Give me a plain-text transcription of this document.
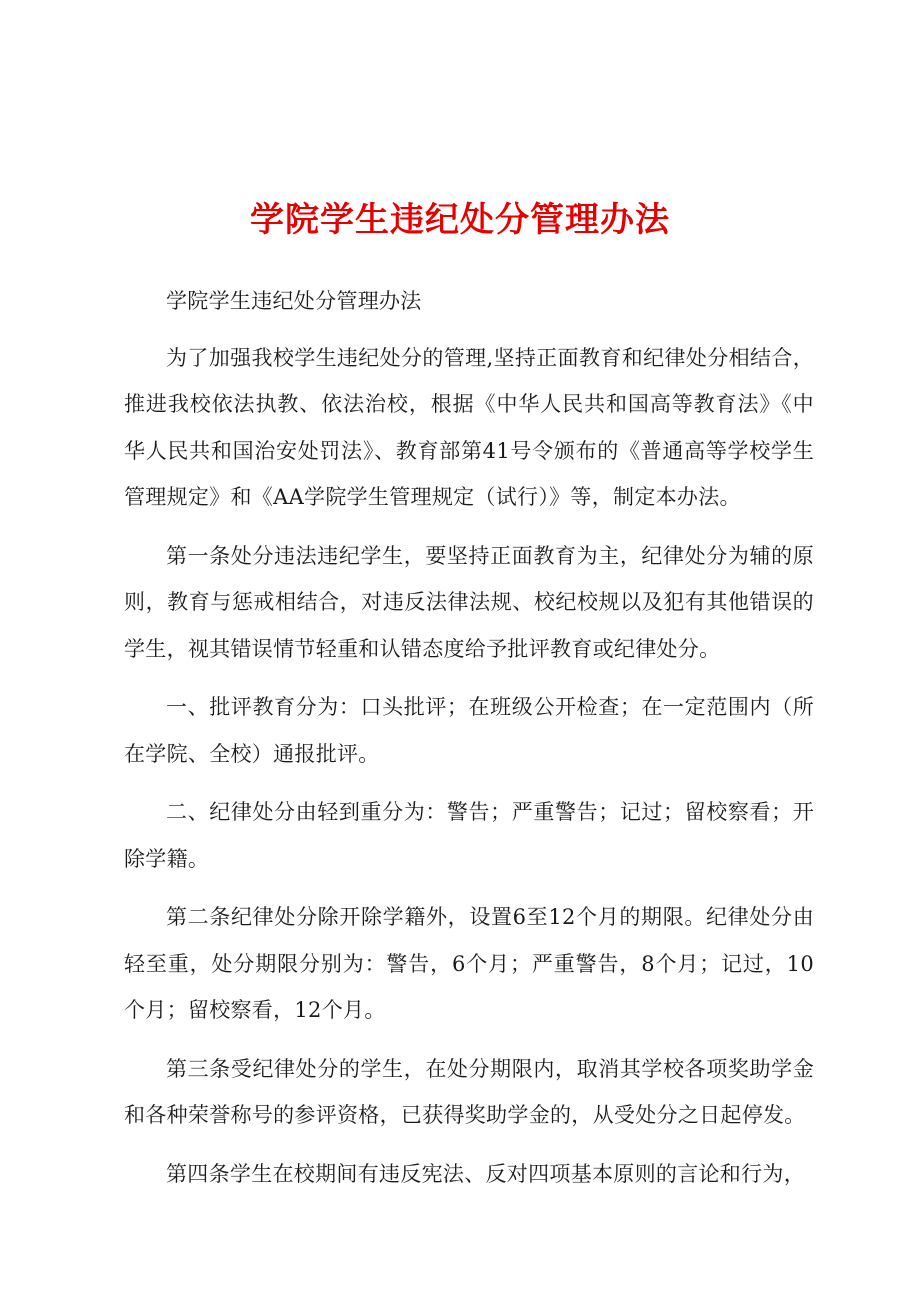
学院学生违纪处分管理办法

学院学生违纪处分管理办法

为了加强我校学生违纪处分的管理,坚持正面教育和纪律处分相结合，推进我校依法执教、依法治校，根据《中华人民共和国高等教育法》《中华人民共和国治安处罚法》、教育部第41号令颁布的《普通高等学校学生管理规定》和《AA学院学生管理规定（试行）》等，制定本办法。

第一条处分违法违纪学生，要坚持正面教育为主，纪律处分为辅的原则，教育与惩戒相结合，对违反法律法规、校纪校规以及犯有其他错误的学生，视其错误情节轻重和认错态度给予批评教育或纪律处分。

一、批评教育分为：口头批评；在班级公开检查；在一定范围内（所在学院、全校）通报批评。

二、纪律处分由轻到重分为：警告；严重警告；记过；留校察看；开除学籍。

第二条纪律处分除开除学籍外，设置6至12个月的期限。纪律处分由轻至重，处分期限分别为：警告，6个月；严重警告，8个月；记过，10个月；留校察看，12个月。

第三条受纪律处分的学生，在处分期限内，取消其学校各项奖助学金和各种荣誉称号的参评资格，已获得奖助学金的，从受处分之日起停发。

第四条学生在校期间有违反宪法、反对四项基本原则的言论和行为，
